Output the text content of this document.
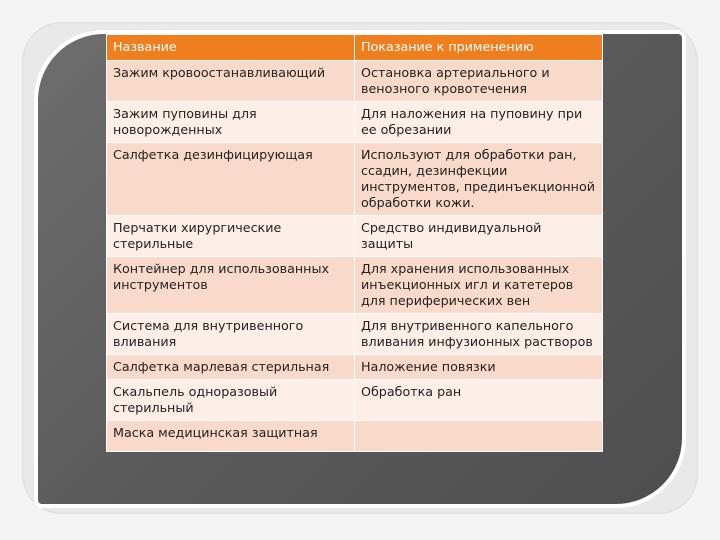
Название	Показание к применению
Зажим кровоостанавливающий	Остановка артериального и венозного кровотечения
Зажим пуповины для новорожденных	Для наложения на пуповину при ее обрезании
Салфетка дезинфицирующая	Используют для обработки ран, ссадин, дезинфекции инструментов, прединъекционной обработки кожи.
Перчатки хирургические стерильные	Средство индивидуальной защиты
Контейнер для использованных инструментов	Для хранения использованных инъекционных игл и катетеров для периферических вен
Система для внутривенного вливания	Для внутривенного капельного вливания инфузионных растворов
Салфетка марлевая стерильная	Наложение повязки
Скальпель одноразовый стерильный	Обработка ран
Маска медицинская защитная	
